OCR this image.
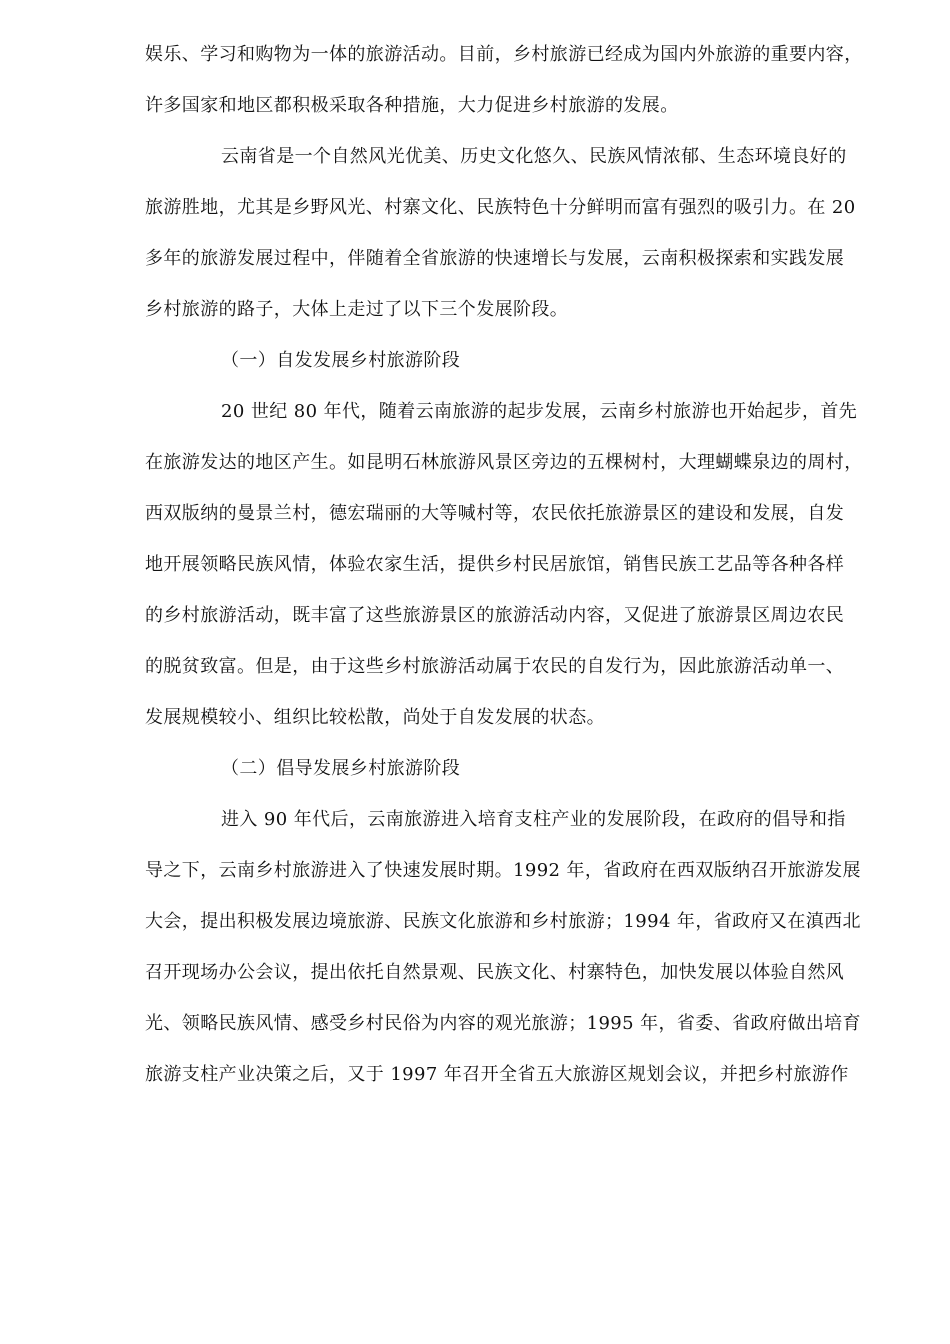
娱乐、学习和购物为一体的旅游活动。目前，乡村旅游已经成为国内外旅游的重要内容，
许多国家和地区都积极采取各种措施，大力促进乡村旅游的发展。
云南省是一个自然风光优美、历史文化悠久、民族风情浓郁、生态环境良好的
旅游胜地，尤其是乡野风光、村寨文化、民族特色十分鲜明而富有强烈的吸引力。在 20
多年的旅游发展过程中，伴随着全省旅游的快速增长与发展，云南积极探索和实践发展
乡村旅游的路子，大体上走过了以下三个发展阶段。
（一）自发发展乡村旅游阶段
20 世纪 80 年代，随着云南旅游的起步发展，云南乡村旅游也开始起步，首先
在旅游发达的地区产生。如昆明石林旅游风景区旁边的五棵树村，大理蝴蝶泉边的周村，
西双版纳的曼景兰村，德宏瑞丽的大等喊村等，农民依托旅游景区的建设和发展，自发
地开展领略民族风情，体验农家生活，提供乡村民居旅馆，销售民族工艺品等各种各样
的乡村旅游活动，既丰富了这些旅游景区的旅游活动内容，又促进了旅游景区周边农民
的脱贫致富。但是，由于这些乡村旅游活动属于农民的自发行为，因此旅游活动单一、
发展规模较小、组织比较松散，尚处于自发发展的状态。
（二）倡导发展乡村旅游阶段
进入 90 年代后，云南旅游进入培育支柱产业的发展阶段，在政府的倡导和指
导之下，云南乡村旅游进入了快速发展时期。1992 年，省政府在西双版纳召开旅游发展
大会，提出积极发展边境旅游、民族文化旅游和乡村旅游；1994 年，省政府又在滇西北
召开现场办公会议，提出依托自然景观、民族文化、村寨特色，加快发展以体验自然风
光、领略民族风情、感受乡村民俗为内容的观光旅游；1995 年，省委、省政府做出培育
旅游支柱产业决策之后，又于 1997 年召开全省五大旅游区规划会议，并把乡村旅游作
